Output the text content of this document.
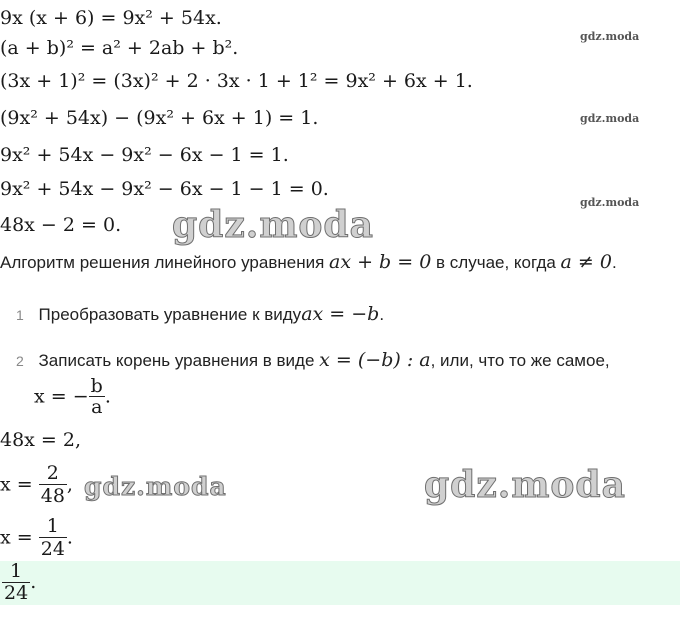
gdz.moda
gdz.moda
gdz.moda
9x (x + 6) = 9x² + 54x.
(a + b)² = a² + 2ab + b².
(3x + 1)² = (3x)² + 2 · 3x · 1 + 1² = 9x² + 6x + 1.
(9x² + 54x) − (9x² + 6x + 1) = 1.
9x² + 54x − 9x² − 6x − 1 = 1.
9x² + 54x − 9x² − 6x − 1 − 1 = 0.
48x − 2 = 0. gdz.moda
Алгоритм решения линейного уравнения ax + b = 0 в случае, когда a ≠ 0.
1 Преобразовать уравнение к видуax = −b.
2 Записать корень уравнения в виде x = (−b) : a, или, что то же самое,
x = − $\frac{b}{a}$ .
48x = 2,
$x = \frac{2}{48}$ , gdz.moda	gdz.moda
$x = \frac{1}{24}$ .
$\frac{1}{24}$ .
